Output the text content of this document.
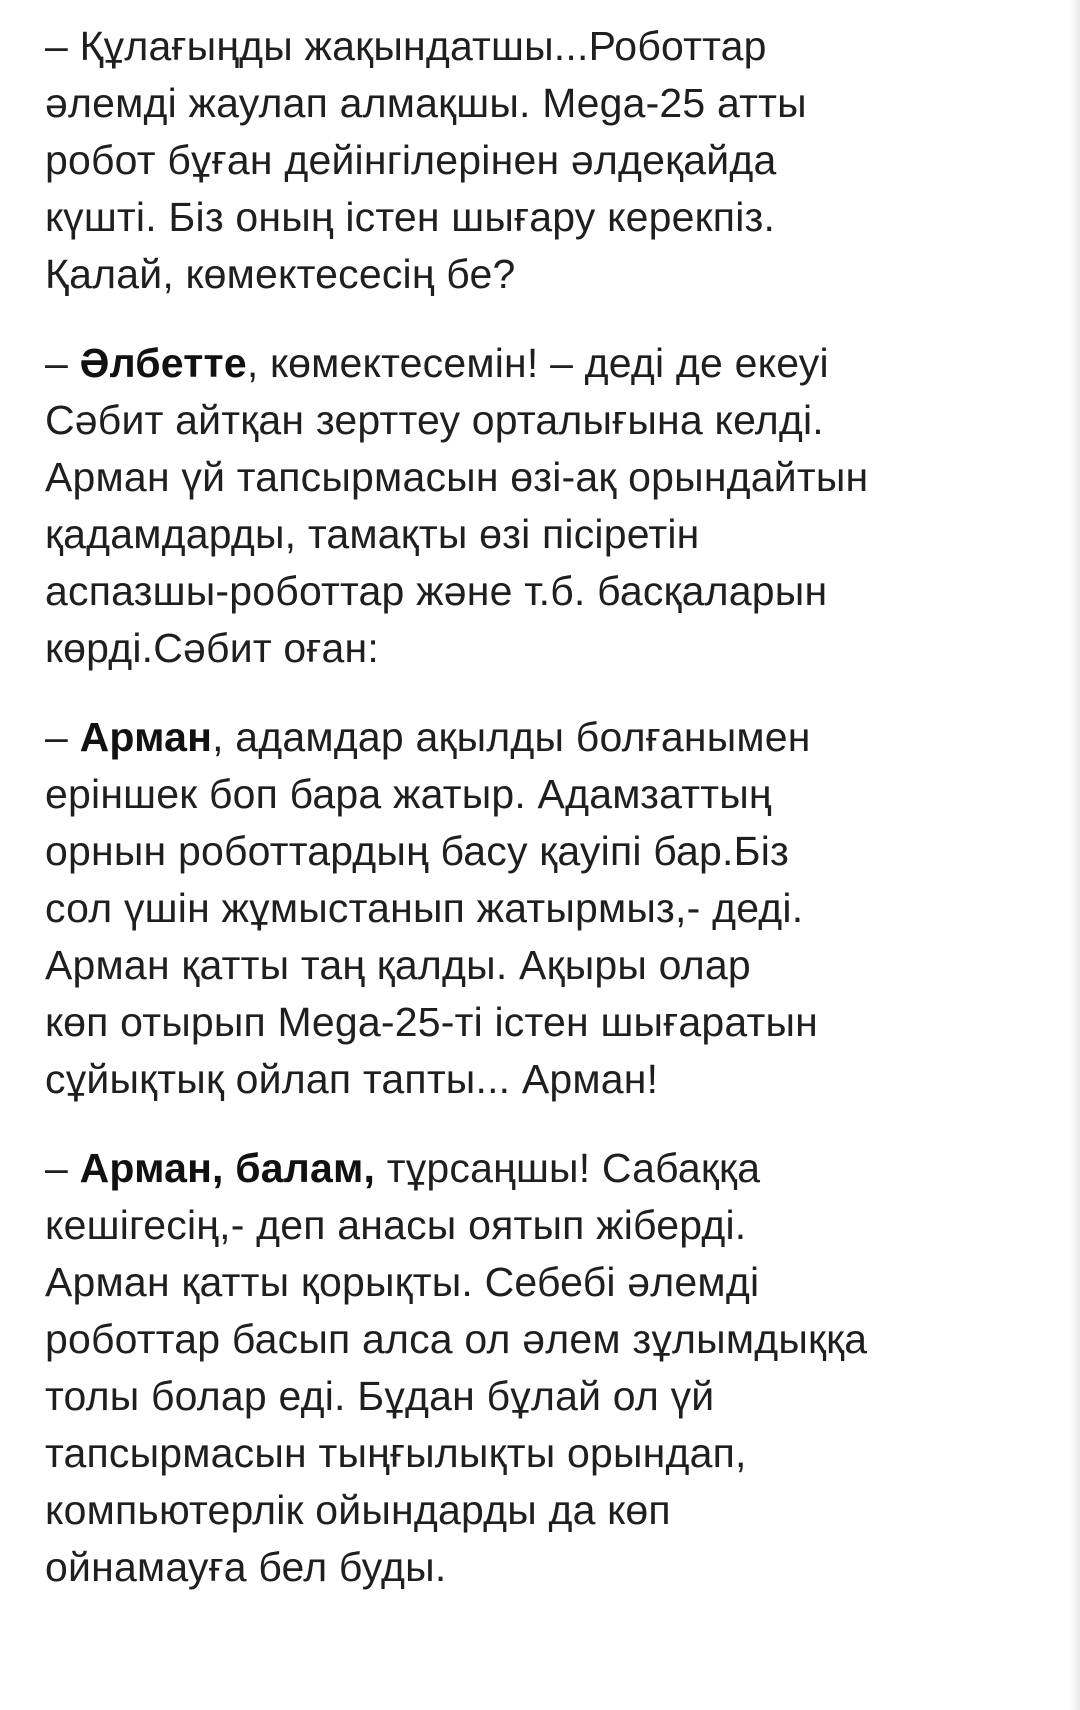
– Құлағыңды жақындатшы...Роботтар
әлемді жаулап алмақшы. Mega-25 атты
робот бұған дейінгілерінен әлдеқайда
күшті. Біз оның істен шығару керекпіз.
Қалай, көмектесесің бе?
– Әлбетте, көмектесемін! – деді де екеуі
Сәбит айтқан зерттеу орталығына келді.
Арман үй тапсырмасын өзі-ақ орындайтын
қадамдарды, тамақты өзі пісіретін
аспазшы-роботтар және т.б. басқаларын
көрді.Сәбит оған:
– Арман, адамдар ақылды болғанымен
еріншек боп бара жатыр. Адамзаттың
орнын роботтардың басу қауіпі бар.Біз
сол үшін жұмыстанып жатырмыз,- деді.
Арман қатты таң қалды. Ақыры олар
көп отырып Mega-25-ті істен шығаратын
сұйықтық ойлап тапты... Арман!
– Арман, балам, тұрсаңшы! Сабаққа
кешігесің,- деп анасы оятып жіберді.
Арман қатты қорықты. Себебі әлемді
роботтар басып алса ол әлем зұлымдыққа
толы болар еді. Бұдан бұлай ол үй
тапсырмасын тыңғылықты орындап,
компьютерлік ойындарды да көп
ойнамауға бел буды.
